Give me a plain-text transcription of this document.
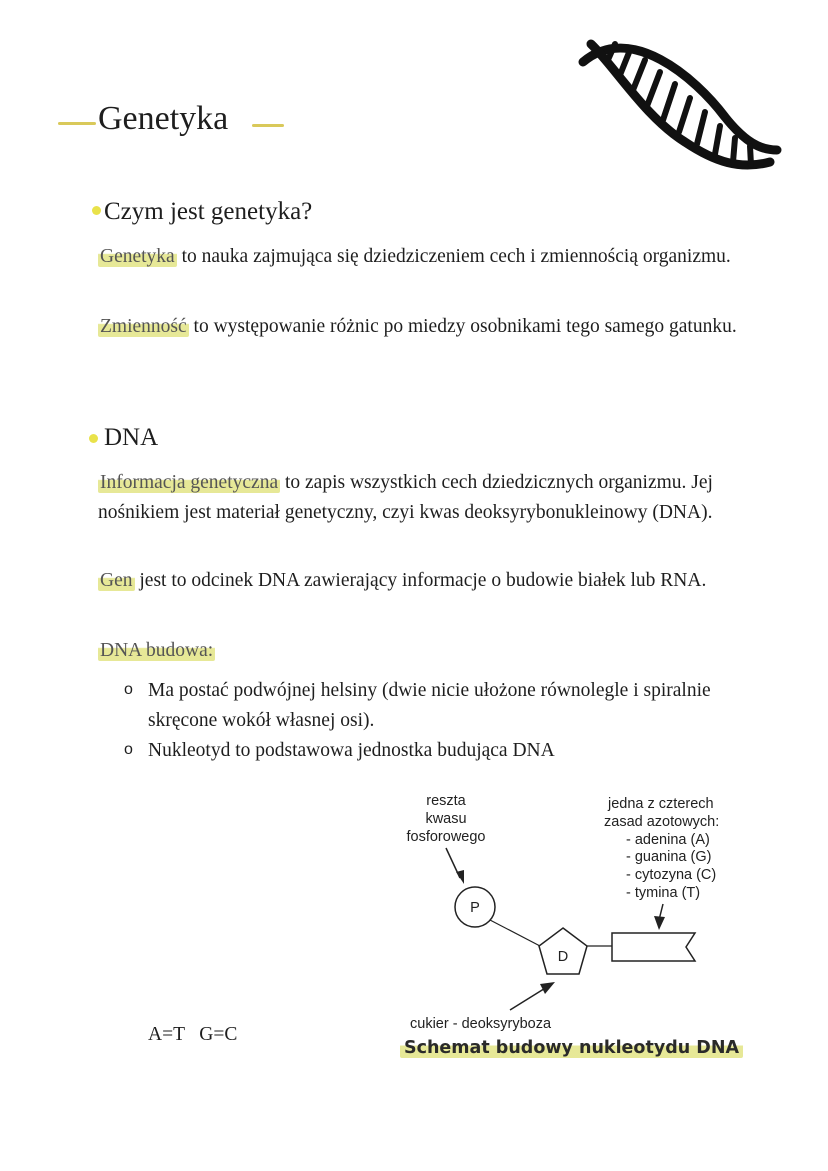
Genetyka
Czym jest genetyka?
Genetyka to nauka zajmująca się dziedziczeniem cech i zmiennością organizmu.
Zmienność to występowanie różnic po miedzy osobnikami tego samego gatunku.
DNA
Informacja genetyczna to zapis wszystkich cech dziedzicznych organizmu. Jej nośnikiem jest materiał genetyczny, czyi kwas deoksyrybonukleinowy (DNA).
Gen jest to odcinek DNA zawierający informacje o budowie białek lub RNA.
DNA budowa:
o Ma postać podwójnej helsiny (dwie nicie ułożone równolegle i spiralnie skręcone wokół własnej osi).
o Nukleotyd to podstawowa jednostka budująca DNA
A=T   G=C
reszta
kwasu
fosforowego
P
D
jedna z czterech
zasad azotowych:
- adenina (A)
- guanina (G)
- cytozyna (C)
- tymina (T)
cukier - deoksyryboza
Schemat budowy nukleotydu DNA
